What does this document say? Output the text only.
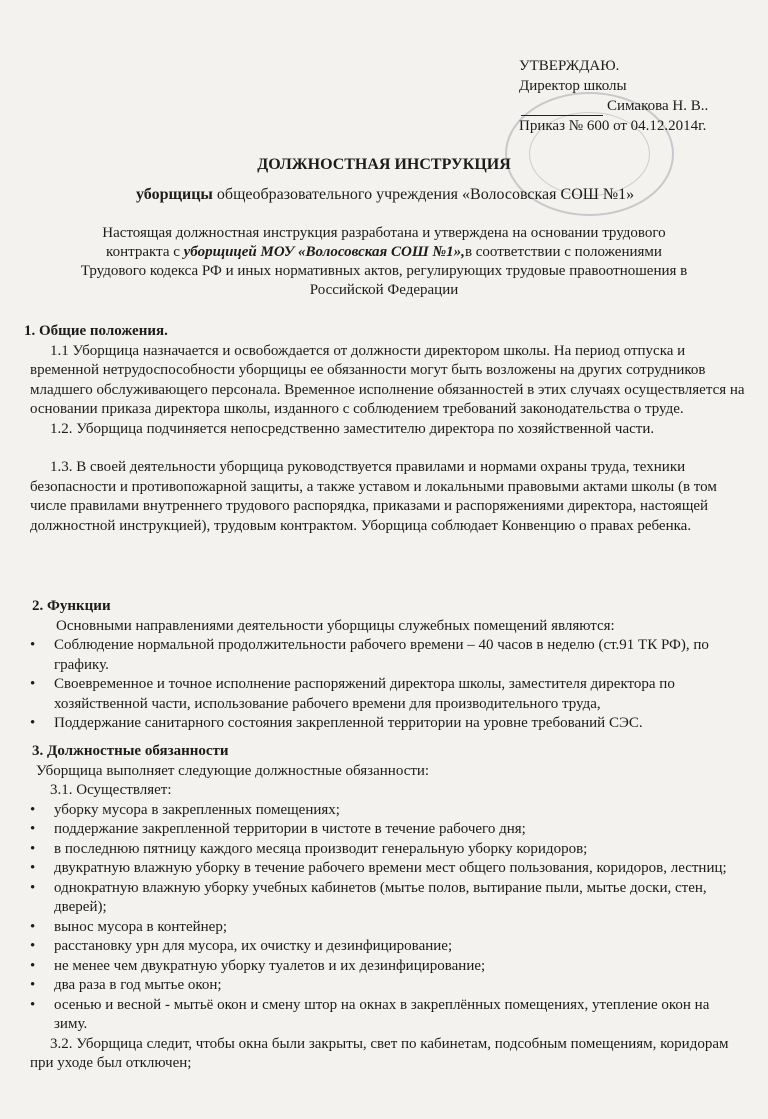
УТВЕРЖДАЮ.
Директор школы
Симакова Н. В..
Приказ № 600 от 04.12.2014г.
ДОЛЖНОСТНАЯ ИНСТРУКЦИЯ
уборщицы общеобразовательного учреждения «Волосовская СОШ №1»
Настоящая должностная инструкция разработана и утверждена на основании трудового контракта с уборщицей МОУ «Волосовская СОШ №1»,в соответствии с положениями Трудового кодекса РФ и иных нормативных актов, регулирующих трудовые правоотношения в Российской Федерации

1. Общие положения.

1.1 Уборщица назначается и освобождается от должности директором школы. На период отпуска и временной нетрудоспособности уборщицы ее обязанности могут быть возложены на других сотрудников младшего обслуживающего персонала. Временное исполнение обязанностей в этих случаях осуществляется на основании приказа директора школы, изданного с соблюдением требований законодательства о труде.

1.2. Уборщица подчиняется непосредственно заместителю директора по хозяйственной части.

1.3. В своей деятельности уборщица руководствуется правилами и нормами охраны труда, техники безопасности и противопожарной защиты, а также уставом и локальными правовыми актами школы (в том числе правилами внутреннего трудового распорядка, приказами и распоряжениями директора, настоящей должностной инструкцией), трудовым контрактом. Уборщица соблюдает Конвенцию о правах ребенка.

2. Функции

Основными направлениями деятельности уборщицы служебных помещений являются:

• Соблюдение нормальной продолжительности рабочего времени – 40 часов в неделю (ст.91 ТК РФ), по графику.

• Своевременное и точное исполнение распоряжений директора школы, заместителя директора по хозяйственной части, использование рабочего времени для производительного труда,

• Поддержание санитарного состояния закрепленной территории на уровне требований СЭС.

3. Должностные обязанности

Уборщица выполняет следующие должностные обязанности:

3.1. Осуществляет:

• уборку мусора в закрепленных помещениях;

• поддержание закрепленной территории в чистоте в течение рабочего дня;

• в последнюю пятницу каждого месяца производит генеральную уборку коридоров;

• двукратную влажную уборку в течение рабочего времени мест общего пользования, коридоров, лестниц;

• однократную влажную уборку учебных кабинетов (мытье полов, вытирание пыли, мытье доски, стен, дверей);

• вынос мусора в контейнер;

• расстановку урн для мусора, их очистку и дезинфицирование;

• не менее чем двукратную уборку туалетов и их дезинфицирование;

• два раза в год мытье окон;

• осенью и весной - мытьё окон и смену штор на окнах в закреплённых помещениях, утепление окон на зиму.

3.2. Уборщица следит, чтобы окна были закрыты, свет по кабинетам, подсобным помещениям, коридорам при уходе был отключен;
